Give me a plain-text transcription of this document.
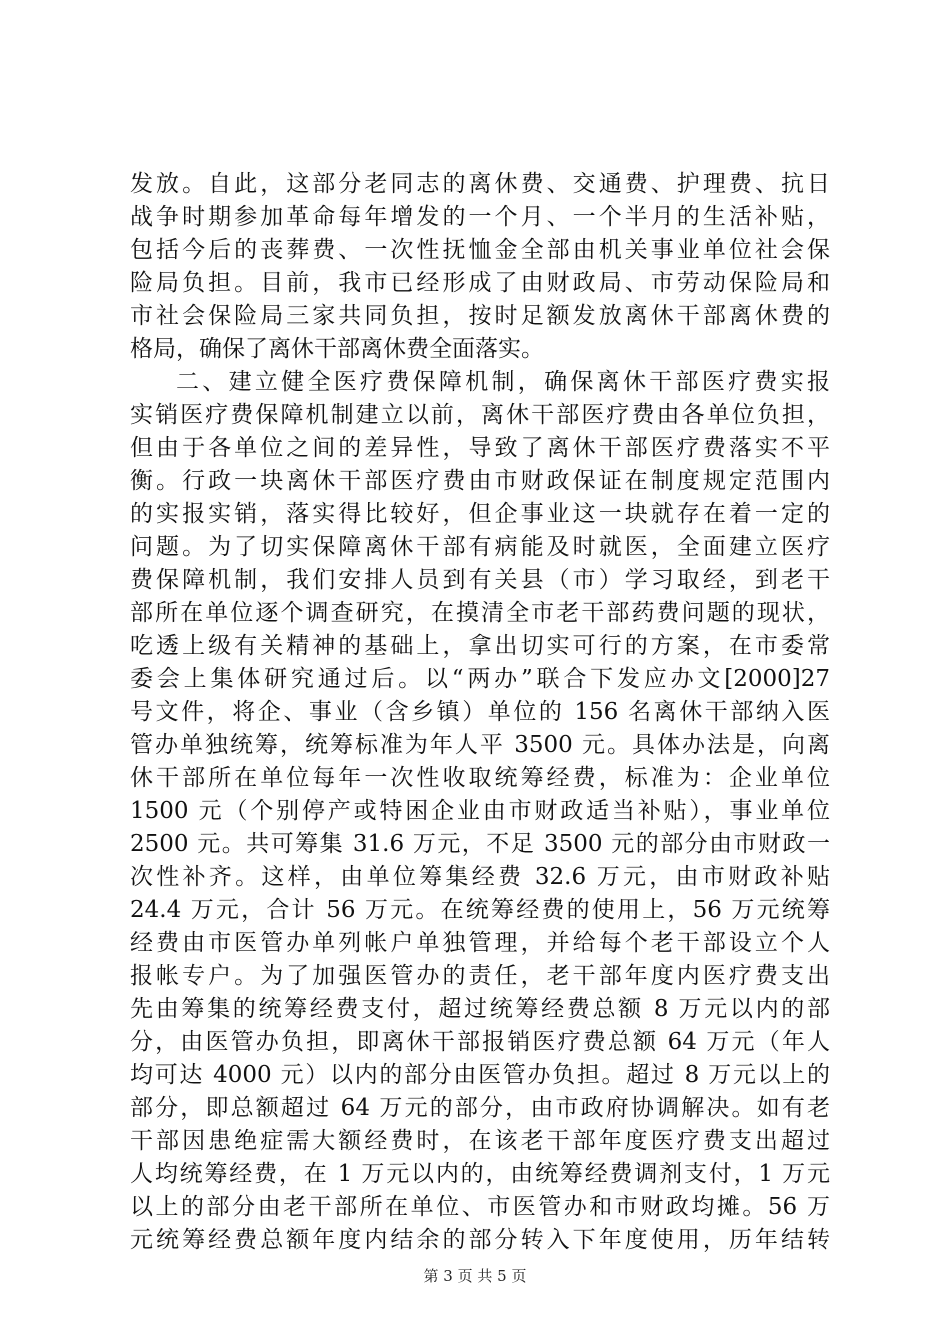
发放。自此，这部分老同志的离休费、交通费、护理费、抗日
战争时期参加革命每年增发的一个月、一个半月的生活补贴，
包括今后的丧葬费、一次性抚恤金全部由机关事业单位社会保
险局负担。目前，我市已经形成了由财政局、市劳动保险局和
市社会保险局三家共同负担，按时足额发放离休干部离休费的
格局，确保了离休干部离休费全面落实。
二、建立健全医疗费保障机制，确保离休干部医疗费实报
实销医疗费保障机制建立以前，离休干部医疗费由各单位负担，
但由于各单位之间的差异性，导致了离休干部医疗费落实不平
衡。行政一块离休干部医疗费由市财政保证在制度规定范围内
的实报实销，落实得比较好，但企事业这一块就存在着一定的
问题。为了切实保障离休干部有病能及时就医，全面建立医疗
费保障机制，我们安排人员到有关县（市）学习取经，到老干
部所在单位逐个调查研究，在摸清全市老干部药费问题的现状，
吃透上级有关精神的基础上，拿出切实可行的方案，在市委常
委会上集体研究通过后。以“两办”联合下发应办文[2000]27
号文件，将企、事业（含乡镇）单位的 156 名离休干部纳入医
管办单独统筹，统筹标准为年人平 3500 元。具体办法是，向离
休干部所在单位每年一次性收取统筹经费，标准为：企业单位
1500 元（个别停产或特困企业由市财政适当补贴），事业单位
2500 元。共可筹集 31.6 万元，不足 3500 元的部分由市财政一
次性补齐。这样，由单位筹集经费 32.6 万元，由市财政补贴
24.4 万元，合计 56 万元。在统筹经费的使用上，56 万元统筹
经费由市医管办单列帐户单独管理，并给每个老干部设立个人
报帐专户。为了加强医管办的责任，老干部年度内医疗费支出
先由筹集的统筹经费支付，超过统筹经费总额 8 万元以内的部
分，由医管办负担，即离休干部报销医疗费总额 64 万元（年人
均可达 4000 元）以内的部分由医管办负担。超过 8 万元以上的
部分，即总额超过 64 万元的部分，由市政府协调解决。如有老
干部因患绝症需大额经费时，在该老干部年度医疗费支出超过
人均统筹经费，在 1 万元以内的，由统筹经费调剂支付，1 万元
以上的部分由老干部所在单位、市医管办和市财政均摊。56 万
元统筹经费总额年度内结余的部分转入下年度使用，历年结转
第 3 页 共 5 页
